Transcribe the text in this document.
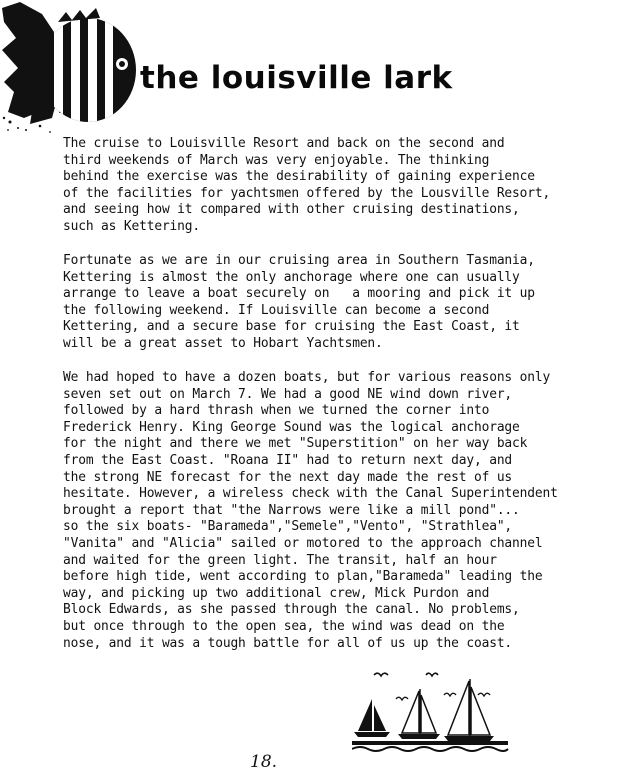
the louisville lark
The cruise to Louisville Resort and back on the second and
third weekends of March was very enjoyable. The thinking
behind the exercise was the desirability of gaining experience
of the facilities for yachtsmen offered by the Lousville Resort,
and seeing how it compared with other cruising destinations,
such as Kettering.
Fortunate as we are in our cruising area in Southern Tasmania,
Kettering is almost the only anchorage where one can usually
arrange to leave a boat securely on   a mooring and pick it up
the following weekend. If Louisville can become a second
Kettering, and a secure base for cruising the East Coast, it
will be a great asset to Hobart Yachtsmen.
We had hoped to have a dozen boats, but for various reasons only
seven set out on March 7. We had a good NE wind down river,
followed by a hard thrash when we turned the corner into
Frederick Henry. King George Sound was the logical anchorage
for the night and there we met "Superstition" on her way back
from the East Coast. "Roana II" had to return next day, and
the strong NE forecast for the next day made the rest of us
hesitate. However, a wireless check with the Canal Superintendent
brought a report that "the Narrows were like a mill pond"...
so the six boats- "Barameda","Semele","Vento", "Strathlea",
"Vanita" and "Alicia" sailed or motored to the approach channel
and waited for the green light. The transit, half an hour
before high tide, went according to plan,"Barameda" leading the
way, and picking up two additional crew, Mick Purdon and
Block Edwards, as she passed through the canal. No problems,
but once through to the open sea, the wind was dead on the
nose, and it was a tough battle for all of us up the coast.
18.
